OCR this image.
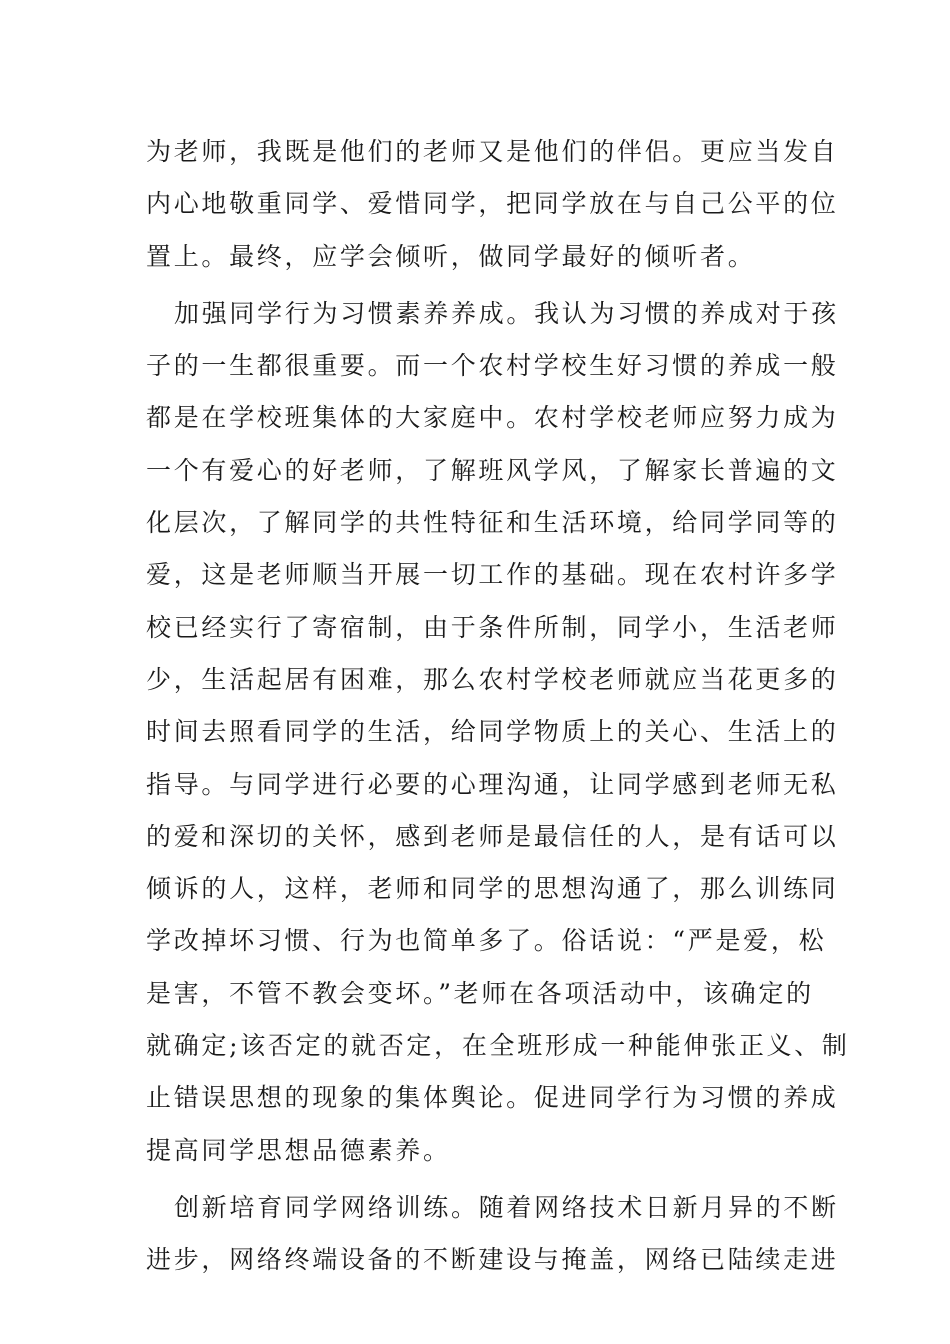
为老师，我既是他们的老师又是他们的伴侣。更应当发自
内心地敬重同学、爱惜同学，把同学放在与自己公平的位
置上。最终，应学会倾听，做同学最好的倾听者。
加强同学行为习惯素养养成。我认为习惯的养成对于孩
子的一生都很重要。而一个农村学校生好习惯的养成一般
都是在学校班集体的大家庭中。农村学校老师应努力成为
一个有爱心的好老师，了解班风学风，了解家长普遍的文
化层次，了解同学的共性特征和生活环境，给同学同等的
爱，这是老师顺当开展一切工作的基础。现在农村许多学
校已经实行了寄宿制，由于条件所制，同学小，生活老师
少，生活起居有困难，那么农村学校老师就应当花更多的
时间去照看同学的生活，给同学物质上的关心、生活上的
指导。与同学进行必要的心理沟通，让同学感到老师无私
的爱和深切的关怀，感到老师是最信任的人，是有话可以
倾诉的人，这样，老师和同学的思想沟通了，那么训练同
学改掉坏习惯、行为也简单多了。俗话说：“严是爱，松
是害，不管不教会变坏。”老师在各项活动中，该确定的
就确定;该否定的就否定，在全班形成一种能伸张正义、制
止错误思想的现象的集体舆论。促进同学行为习惯的养成
提高同学思想品德素养。
创新培育同学网络训练。随着网络技术日新月异的不断
进步，网络终端设备的不断建设与掩盖，网络已陆续走进
